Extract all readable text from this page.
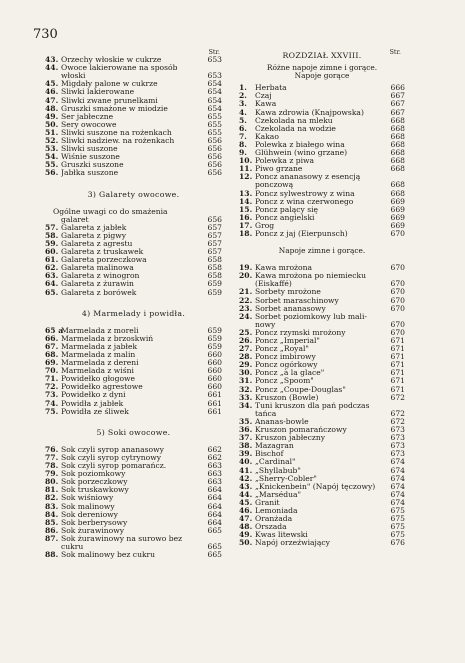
730
Str.
43. Orzechy włoskie w cukrze	653
44. Owoce lakierowane na sposób
włoski	653
45. Migdały palone w cukrze	654
46. Śliwki lakierowane	654
47. Śliwki zwane prunelkami	654
48. Gruszki smażone w miodzie	654
49. Ser jabłeczne	655
50. Sery owocowe	655
51. Śliwki suszone na rożenkach	655
52. Śliwki nadziew. na rożenkach	656
53. Śliwki suszone	656
54. Wiśnie suszone	656
55. Gruszki suszone	656
56. Jabłka suszone	656
3) Galarety owocowe.
Ogólne uwagi co do smażenia
galaret	656
57. Galareta z jabłek	657
58. Galareta z pigwy	657
59. Galareta z agrestu	657
60. Galareta z truskawek	657
61. Galareta porzeczkowa	658
62. Galareta malinowa	658
63. Galareta z winogron	658
64. Galareta z żurawin	659
65. Galareta z borówek	659
4) Marmelady i powidła.
65 a
Marmelada z moreli	659
66. Marmelada z brzoskwiń	659
67. Marmelada z jabłek	659
68. Marmelada z malin	660
69. Marmelada z dereni	660
70. Marmelada z wiśni	660
71. Powidełko głogowe	660
72. Powidełko agrestowe	660
73. Powidełko z dyni	661
74. Powidła z jabłek	661
75. Powidła ze śliwek	661
5) Soki owocowe.
76. Sok czyli syrop ananasowy	662
77. Sok czyli syrop cytrynowy	662
78. Sok czyli syrop pomarańcz.	663
79. Sok poziomkowy	663
80. Sok porzeczkowy	663
81. Sok truskawkowy	664
82. Sok wiśniowy	664
83. Sok malinowy	664
84. Sok dereniowy	664
85. Sok berberysowy	664
86. Sok żurawinowy	665
87. Sok żurawinowy na surowo bez
cukru	665
88. Sok malinowy bez cukru	665
Str.
ROZDZIAŁ XXVIII.
Różne napoje zimne i gorące.
Napoje gorące
1.	Herbata	666
2.	Czaj	667
3.	Kawa	667
4.	Kawa zdrowia (Knajpowska)	667
5.	Czekolada na mleku	668
6.	Czekolada na wodzie	668
7.	Kakao	668
8.	Polewka z białego wina	668
9.	Glühwein (wino grzane)	668
10. Polewka z piwa	668
11. Piwo grzane	668
12. Poncz ananasowy z esencją
ponczową	668
13. Poncz sylwestrowy z wina	668
14. Poncz z wina czerwonego	669
15. Poncz palący się	669
16. Poncz angielski	669
17. Grog	669
18. Poncz z jaj (Eierpunsch)	670
Napoje zimne i gorące.
19. Kawa mrożona	670
20. Kawa mrożona po niemiecku
(Eiskaffé)	670
21. Sorbety mrożone	670
22. Sorbet maraschinowy	670
23. Sorbet ananasowy	670
24. Sorbet poziomkowy lub mali-
nowy	670
25. Poncz rzymski mrożony	670
26. Poncz „Imperial"	671
27. Poncz „Royal"	671
28. Poncz imbirowy	671
29. Poncz ogórkowy	671
30. Poncz „à la glace"	671
31. Poncz „Spoom"	671
32. Poncz „Coupe-Douglas"	671
33. Kruszon (Bowle)	672
34. Tuni kruszon dla pań podczas
tańca	672
35. Ananas-bowle	672
36. Kruszon pomarańczowy	673
37. Kruszon jabłeczny	673
38. Mazagran	673
39. Bischof	673
40. „Cardinal"	674
41. „Shyllabub"	674
42. „Sherry-Cobler"	674
43. „Knickenbein" (Napój tęczowy)	674
44. „Marsédua"	674
45. Granit	674
46. Lemoniada	675
47. Oranżada	675
48. Orszada	675
49. Kwas litewski	675
50. Napój orzeźwiający	676
